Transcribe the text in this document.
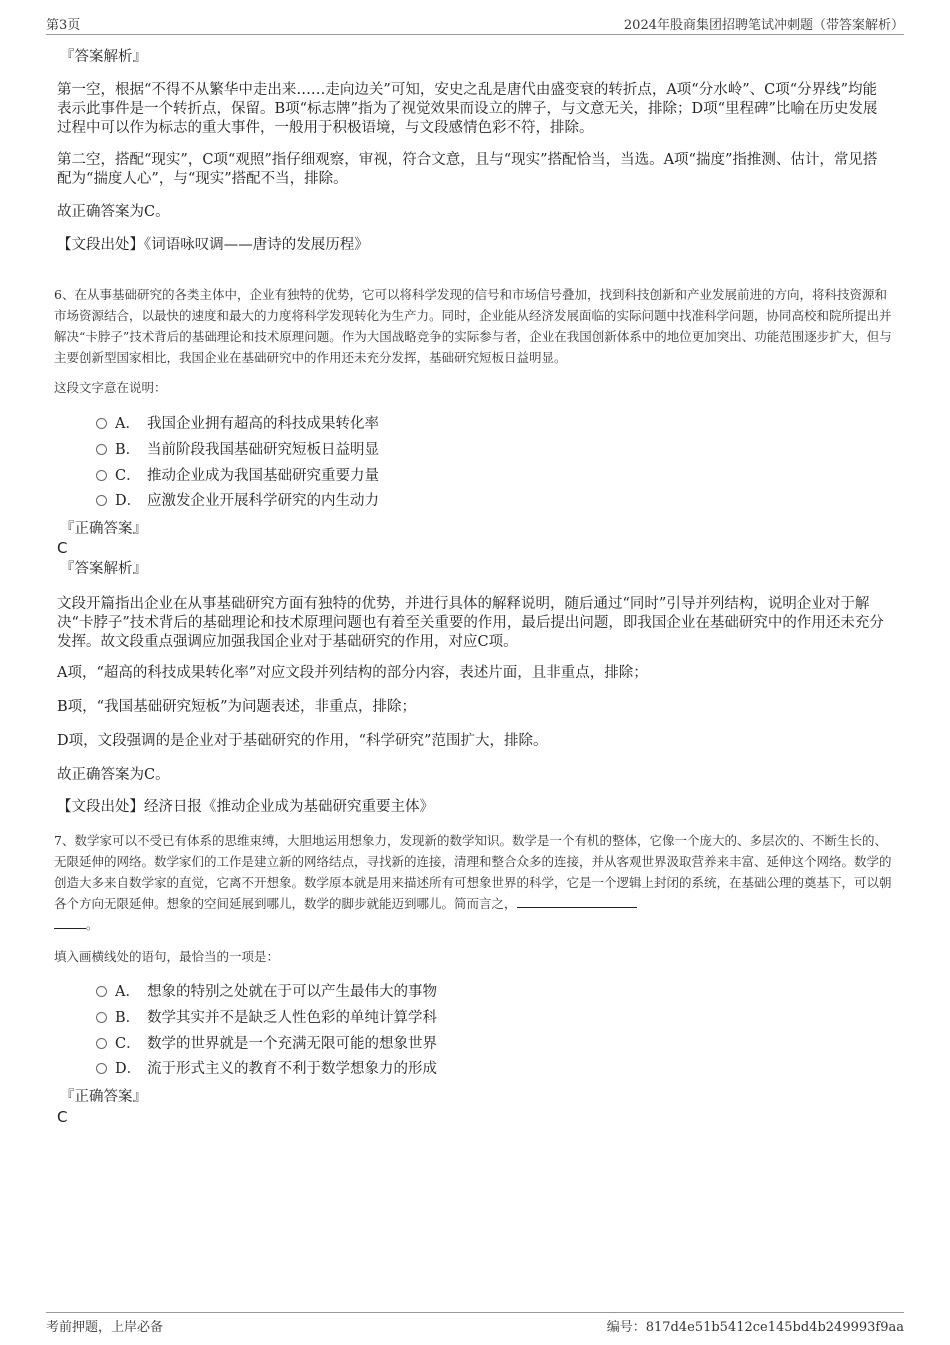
第3页	2024年股商集团招聘笔试冲刺题（带答案解析）
『答案解析』
第一空，根据“不得不从繁华中走出来……走向边关”可知，安史之乱是唐代由盛变衰的转折点，A项“分水岭”、C项“分界线”均能表示此事件是一个转折点，保留。B项“标志牌”指为了视觉效果而设立的牌子，与文意无关，排除；D项“里程碑”比喻在历史发展过程中可以作为标志的重大事件，一般用于积极语境，与文段感情色彩不符，排除。
第二空，搭配“现实”，C项“观照”指仔细观察，审视，符合文意，且与“现实”搭配恰当，当选。A项“揣度”指推测、估计，常见搭配为“揣度人心”，与“现实”搭配不当，排除。
故正确答案为C。
【文段出处】《词语咏叹调——唐诗的发展历程》
6、在从事基础研究的各类主体中，企业有独特的优势，它可以将科学发现的信号和市场信号叠加，找到科技创新和产业发展前进的方向，将科技资源和市场资源结合，以最快的速度和最大的力度将科学发现转化为生产力。同时，企业能从经济发展面临的实际问题中找准科学问题，协同高校和院所提出并解决“卡脖子”技术背后的基础理论和技术原理问题。作为大国战略竞争的实际参与者，企业在我国创新体系中的地位更加突出、功能范围逐步扩大，但与主要创新型国家相比，我国企业在基础研究中的作用还未充分发挥，基础研究短板日益明显。
这段文字意在说明：
A． 我国企业拥有超高的科技成果转化率
B． 当前阶段我国基础研究短板日益明显
C． 推动企业成为我国基础研究重要力量
D． 应激发企业开展科学研究的内生动力
『正确答案』
C
『答案解析』
文段开篇指出企业在从事基础研究方面有独特的优势，并进行具体的解释说明，随后通过“同时”引导并列结构，说明企业对于解决“卡脖子”技术背后的基础理论和技术原理问题也有着至关重要的作用，最后提出问题，即我国企业在基础研究中的作用还未充分发挥。故文段重点强调应加强我国企业对于基础研究的作用，对应C项。
A项，“超高的科技成果转化率”对应文段并列结构的部分内容，表述片面，且非重点，排除；
B项，“我国基础研究短板”为问题表述，非重点，排除；
D项，文段强调的是企业对于基础研究的作用，“科学研究”范围扩大，排除。
故正确答案为C。
【文段出处】经济日报《推动企业成为基础研究重要主体》
7、数学家可以不受已有体系的思维束缚，大胆地运用想象力，发现新的数学知识。数学是一个有机的整体，它像一个庞大的、多层次的、不断生长的、无限延伸的网络。数学家们的工作是建立新的网络结点，寻找新的连接，清理和整合众多的连接，并从客观世界汲取营养来丰富、延伸这个网络。数学的创造大多来自数学家的直觉，它离不开想象。数学原本就是用来描述所有可想象世界的科学，它是一个逻辑上封闭的系统，在基础公理的奠基下，可以朝各个方向无限延伸。想象的空间延展到哪儿，数学的脚步就能迈到哪儿。简而言之，
。
填入画横线处的语句，最恰当的一项是：
A． 想象的特别之处就在于可以产生最伟大的事物
B． 数学其实并不是缺乏人性色彩的单纯计算学科
C． 数学的世界就是一个充满无限可能的想象世界
D． 流于形式主义的教育不利于数学想象力的形成
『正确答案』
C
考前押题，上岸必备	编号：817d4e51b5412ce145bd4b249993f9aa
